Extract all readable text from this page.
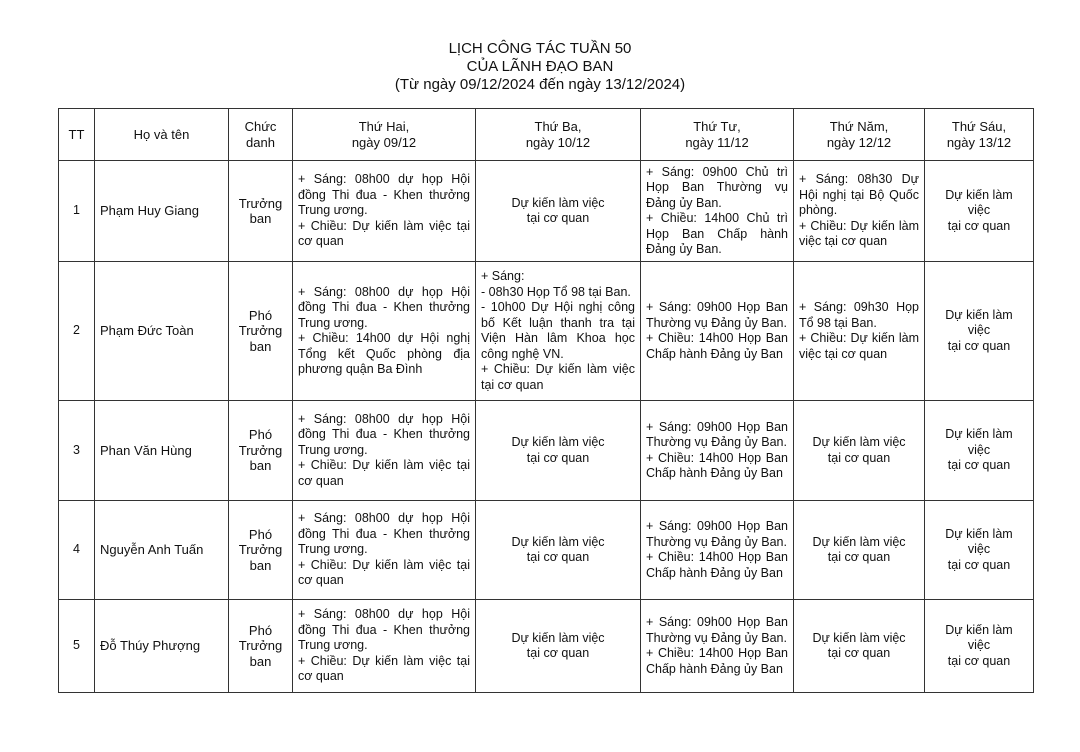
LỊCH CÔNG TÁC TUẦN 50
CỦA LÃNH ĐẠO BAN
(Từ ngày 09/12/2024 đến ngày 13/12/2024)
TT	Họ và tên	Chức
danh	Thứ Hai,
ngày 09/12	Thứ Ba,
ngày 10/12	Thứ Tư,
ngày 11/12	Thứ Năm,
ngày 12/12	Thứ Sáu,
ngày 13/12

1	Phạm Huy Giang	Trưởng
ban	+ Sáng: 08h00 dự họp Hội đồng Thi đua - Khen thưởng Trung ương.
+ Chiều: Dự kiến làm việc tại cơ quan	Dự kiến làm việc
tại cơ quan	+ Sáng: 09h00 Chủ trì Họp Ban Thường vụ Đảng ủy Ban.
+ Chiều: 14h00 Chủ trì Họp Ban Chấp hành Đảng ủy Ban.	+ Sáng: 08h30 Dự Hội nghị tại Bộ Quốc phòng.
+ Chiều: Dự kiến làm việc tại cơ quan	Dự kiến làm
việc
tại cơ quan

2	Phạm Đức Toàn	Phó
Trưởng
ban	+ Sáng: 08h00 dự họp Hội đồng Thi đua - Khen thưởng Trung ương.
+ Chiều: 14h00 dự Hội nghị Tổng kết Quốc phòng địa phương quận Ba Đình	+ Sáng:
- 08h30 Họp Tổ 98 tại Ban.
- 10h00 Dự Hội nghị công bố Kết luận thanh tra tại Viện Hàn lâm Khoa học công nghệ VN.
+ Chiều: Dự kiến làm việc tại cơ quan	+ Sáng: 09h00 Họp Ban Thường vụ Đảng ủy Ban.
+ Chiều: 14h00 Họp Ban Chấp hành Đảng ủy Ban	+ Sáng: 09h30 Họp Tổ 98 tại Ban.
+ Chiều: Dự kiến làm việc tại cơ quan	Dự kiến làm
việc
tại cơ quan

3	Phan Văn Hùng	Phó
Trưởng
ban	+ Sáng: 08h00 dự họp Hội đồng Thi đua - Khen thưởng Trung ương.
+ Chiều: Dự kiến làm việc tại cơ quan	Dự kiến làm việc
tại cơ quan	+ Sáng: 09h00 Họp Ban Thường vụ Đảng ủy Ban.
+ Chiều: 14h00 Họp Ban Chấp hành Đảng ủy Ban	Dự kiến làm việc
tại cơ quan	Dự kiến làm
việc
tại cơ quan

4	Nguyễn Anh Tuấn	Phó
Trưởng
ban	+ Sáng: 08h00 dự họp Hội đồng Thi đua - Khen thưởng Trung ương.
+ Chiều: Dự kiến làm việc tại cơ quan	Dự kiến làm việc
tại cơ quan	+ Sáng: 09h00 Họp Ban Thường vụ Đảng ủy Ban.
+ Chiều: 14h00 Họp Ban Chấp hành Đảng ủy Ban	Dự kiến làm việc
tại cơ quan	Dự kiến làm
việc
tại cơ quan

5	Đỗ Thúy Phượng	Phó
Trưởng
ban	+ Sáng: 08h00 dự họp Hội đồng Thi đua - Khen thưởng Trung ương.
+ Chiều: Dự kiến làm việc tại cơ quan	Dự kiến làm việc
tại cơ quan	+ Sáng: 09h00 Họp Ban Thường vụ Đảng ủy Ban.
+ Chiều: 14h00 Họp Ban Chấp hành Đảng ủy Ban	Dự kiến làm việc
tại cơ quan	Dự kiến làm
việc
tại cơ quan
